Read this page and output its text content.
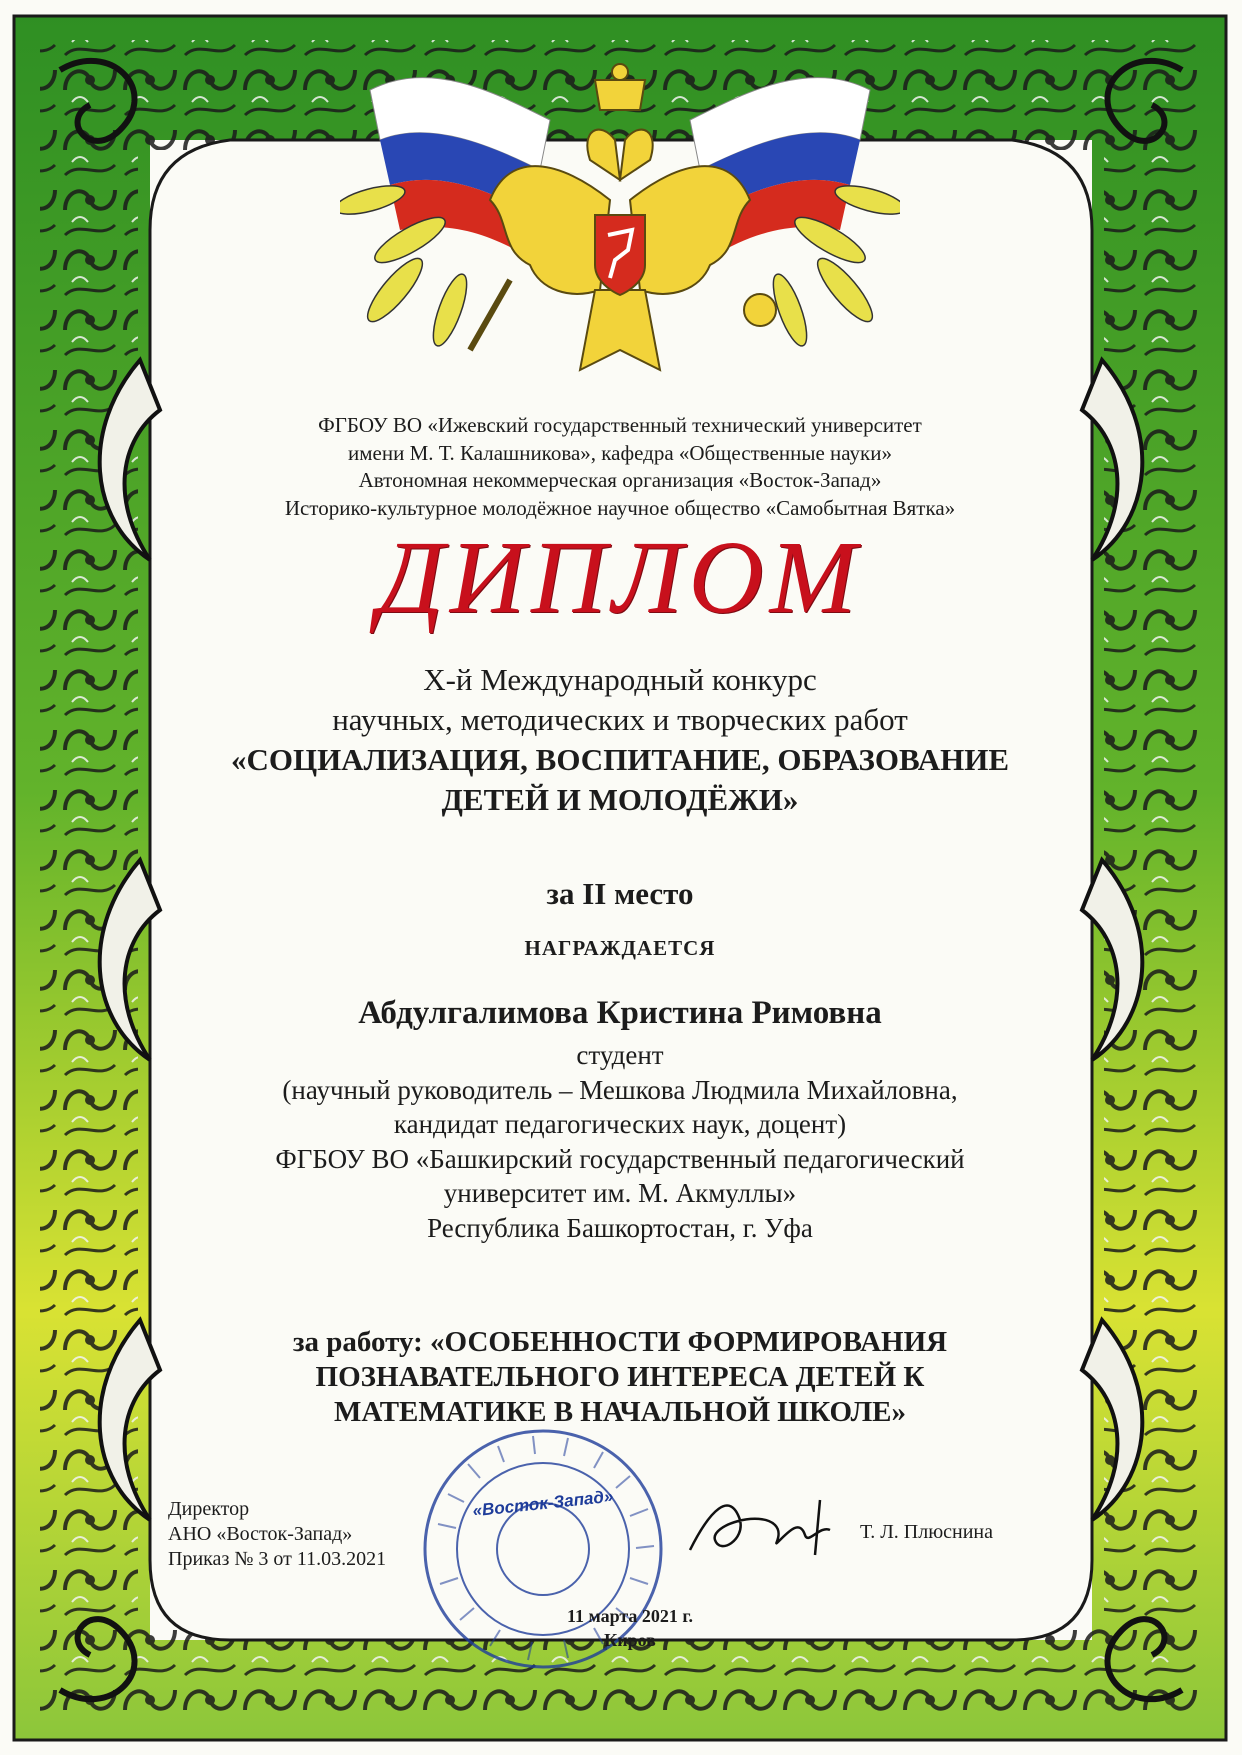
ФГБОУ ВО «Ижевский государственный технический университет
имени М. Т. Калашникова», кафедра «Общественные науки»
Автономная некоммерческая организация «Восток-Запад»
Историко-культурное молодёжное научное общество «Самобытная Вятка»
ДИПЛОМ
Х-й Международный конкурс
научных, методических и творческих работ
«СОЦИАЛИЗАЦИЯ, ВОСПИТАНИЕ, ОБРАЗОВАНИЕ
ДЕТЕЙ И МОЛОДЁЖИ»
за II место
НАГРАЖДАЕТСЯ
Абдулгалимова Кристина Римовна
студент
(научный руководитель – Мешкова Людмила Михайловна,
кандидат педагогических наук, доцент)
ФГБОУ ВО «Башкирский государственный педагогический
университет им. М. Акмуллы»
Республика Башкортостан, г. Уфа
за работу: «ОСОБЕННОСТИ ФОРМИРОВАНИЯ
ПОЗНАВАТЕЛЬНОГО ИНТЕРЕСА ДЕТЕЙ К
МАТЕМАТИКЕ В НАЧАЛЬНОЙ ШКОЛЕ»
«Восток-Запад»
Директор
АНО «Восток-Запад»
Приказ № 3 от 11.03.2021
Т. Л. Плюснина
11 марта 2021 г.
Киров
